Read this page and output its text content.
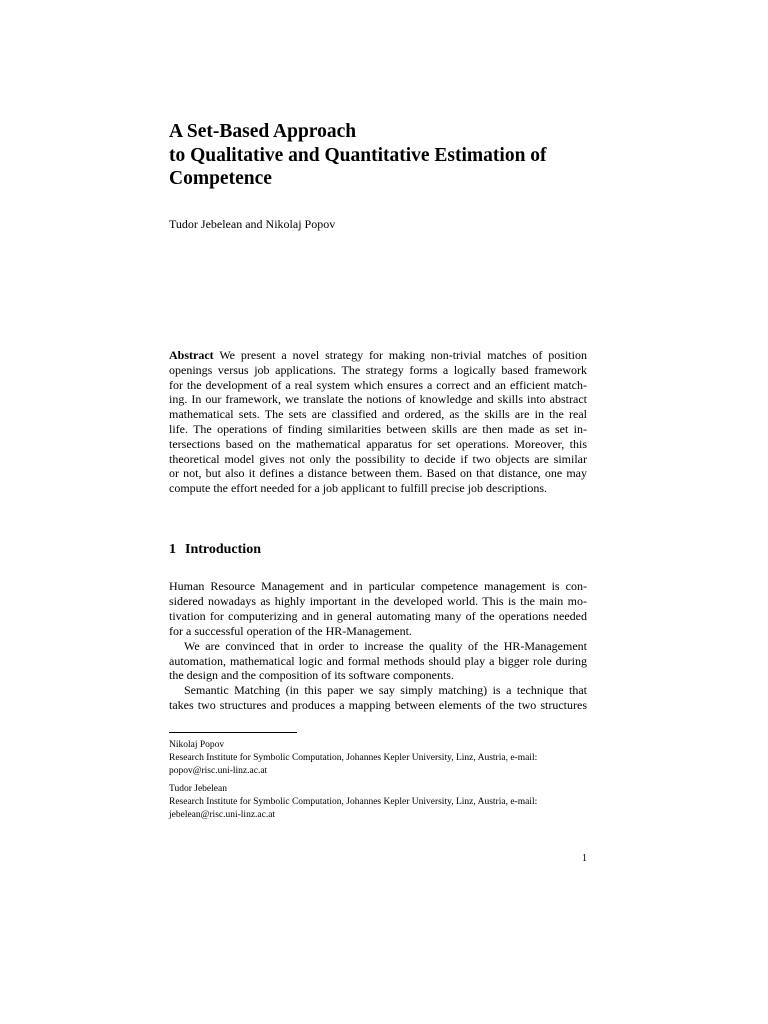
A Set-Based Approach
to Qualitative and Quantitative Estimation of
Competence
Tudor Jebelean and Nikolaj Popov
Abstract We present a novel strategy for making non-trivial matches of position
openings versus job applications. The strategy forms a logically based framework
for the development of a real system which ensures a correct and an efficient match-
ing. In our framework, we translate the notions of knowledge and skills into abstract
mathematical sets. The sets are classified and ordered, as the skills are in the real
life. The operations of finding similarities between skills are then made as set in-
tersections based on the mathematical apparatus for set operations. Moreover, this
theoretical model gives not only the possibility to decide if two objects are similar
or not, but also it defines a distance between them. Based on that distance, one may
compute the effort needed for a job applicant to fulfill precise job descriptions.
1 Introduction
Human Resource Management and in particular competence management is con-
sidered nowadays as highly important in the developed world. This is the main mo-
tivation for computerizing and in general automating many of the operations needed
for a successful operation of the HR-Management.
We are convinced that in order to increase the quality of the HR-Management
automation, mathematical logic and formal methods should play a bigger role during
the design and the composition of its software components.
Semantic Matching (in this paper we say simply matching) is a technique that
takes two structures and produces a mapping between elements of the two structures
Nikolaj Popov
Research Institute for Symbolic Computation, Johannes Kepler University, Linz, Austria, e-mail:
popov@risc.uni-linz.ac.at
Tudor Jebelean
Research Institute for Symbolic Computation, Johannes Kepler University, Linz, Austria, e-mail:
jebelean@risc.uni-linz.ac.at
1
